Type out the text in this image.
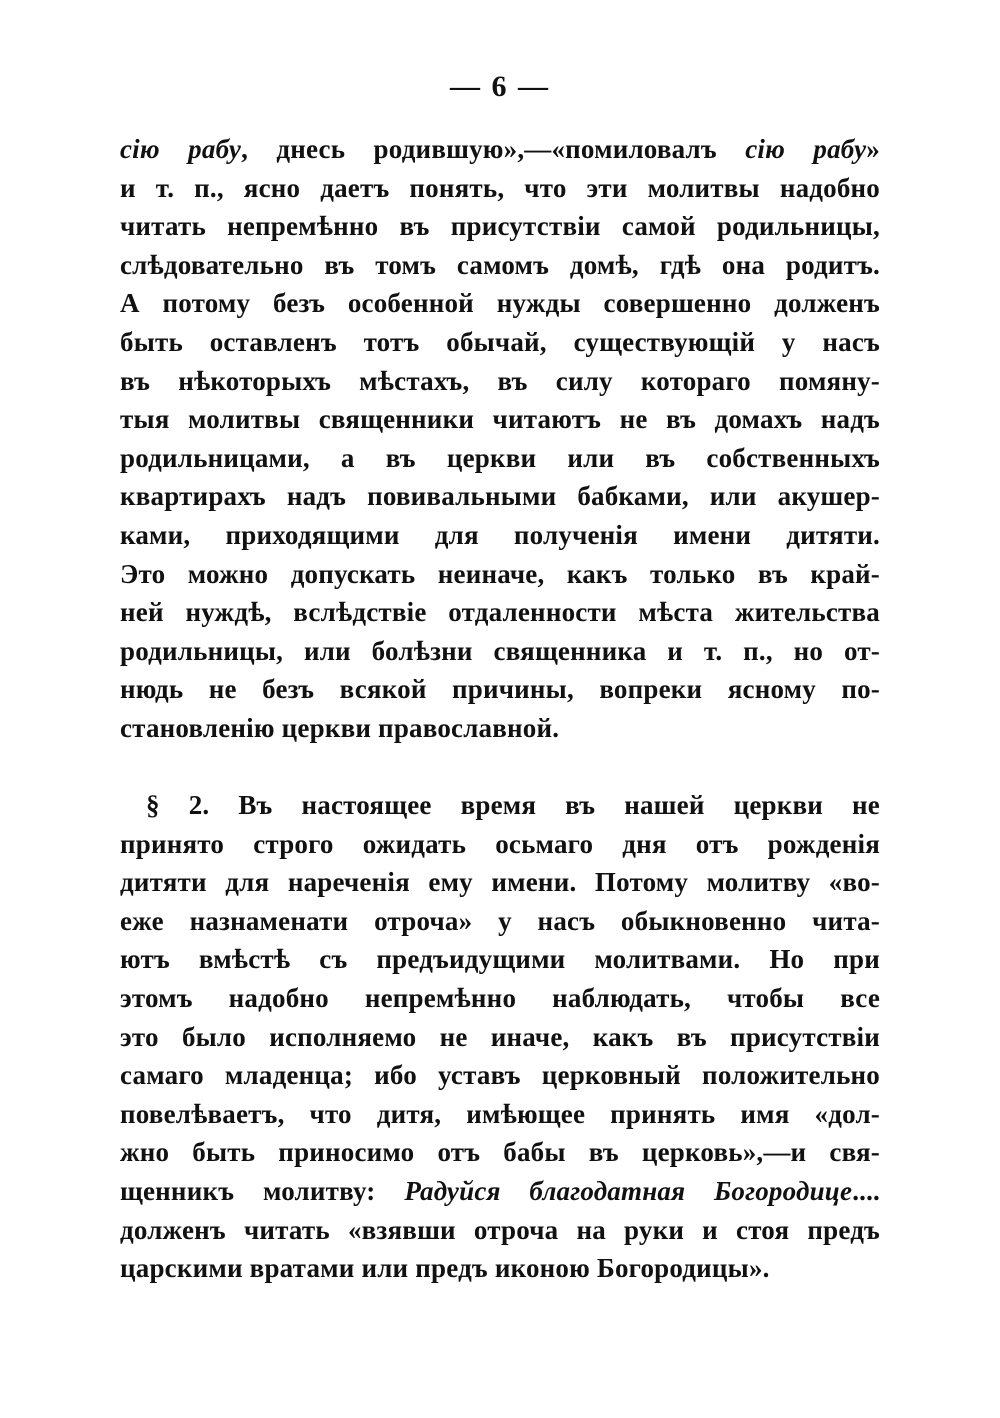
— 6 —
сію рабу, днесь родившую»,—«помиловалъ сію рабу»
и т. п., ясно даетъ понять, что эти молитвы надобно
читать непремѣнно въ присутствіи самой родильницы,
слѣдовательно въ томъ самомъ домѣ, гдѣ она родитъ.
А потому безъ особенной нужды совершенно долженъ
быть оставленъ тотъ обычай, существующій у насъ
въ нѣкоторыхъ мѣстахъ, въ силу котораго помяну-
тыя молитвы священники читаютъ не въ домахъ надъ
родильницами, а въ церкви или въ собственныхъ
квартирахъ надъ повивальными бабками, или акушер-
ками, приходящими для полученія имени дитяти.
Это можно допускать неиначе, какъ только въ край-
ней нуждѣ, вслѣдствіе отдаленности мѣста жительства
родильницы, или болѣзни священника и т. п., но от-
нюдь не безъ всякой причины, вопреки ясному по-
становленію церкви православной.
§ 2. Въ настоящее время въ нашей церкви не
принято строго ожидать осьмаго дня отъ рожденія
дитяти для нареченія ему имени. Потому молитву «во-
еже назнаменати отроча» у насъ обыкновенно чита-
ютъ вмѣстѣ съ предъидущими молитвами. Но при
этомъ надобно непремѣнно наблюдать, чтобы все
это было исполняемо не иначе, какъ въ присутствіи
самаго младенца; ибо уставъ церковный положительно
повелѣваетъ, что дитя, имѣющее принять имя «дол-
жно быть приносимо отъ бабы въ церковь»,—и свя-
щенникъ молитву: Радуйся благодатная Богородице....
долженъ читать «взявши отроча на руки и стоя предъ
царскими вратами или предъ иконою Богородицы».
